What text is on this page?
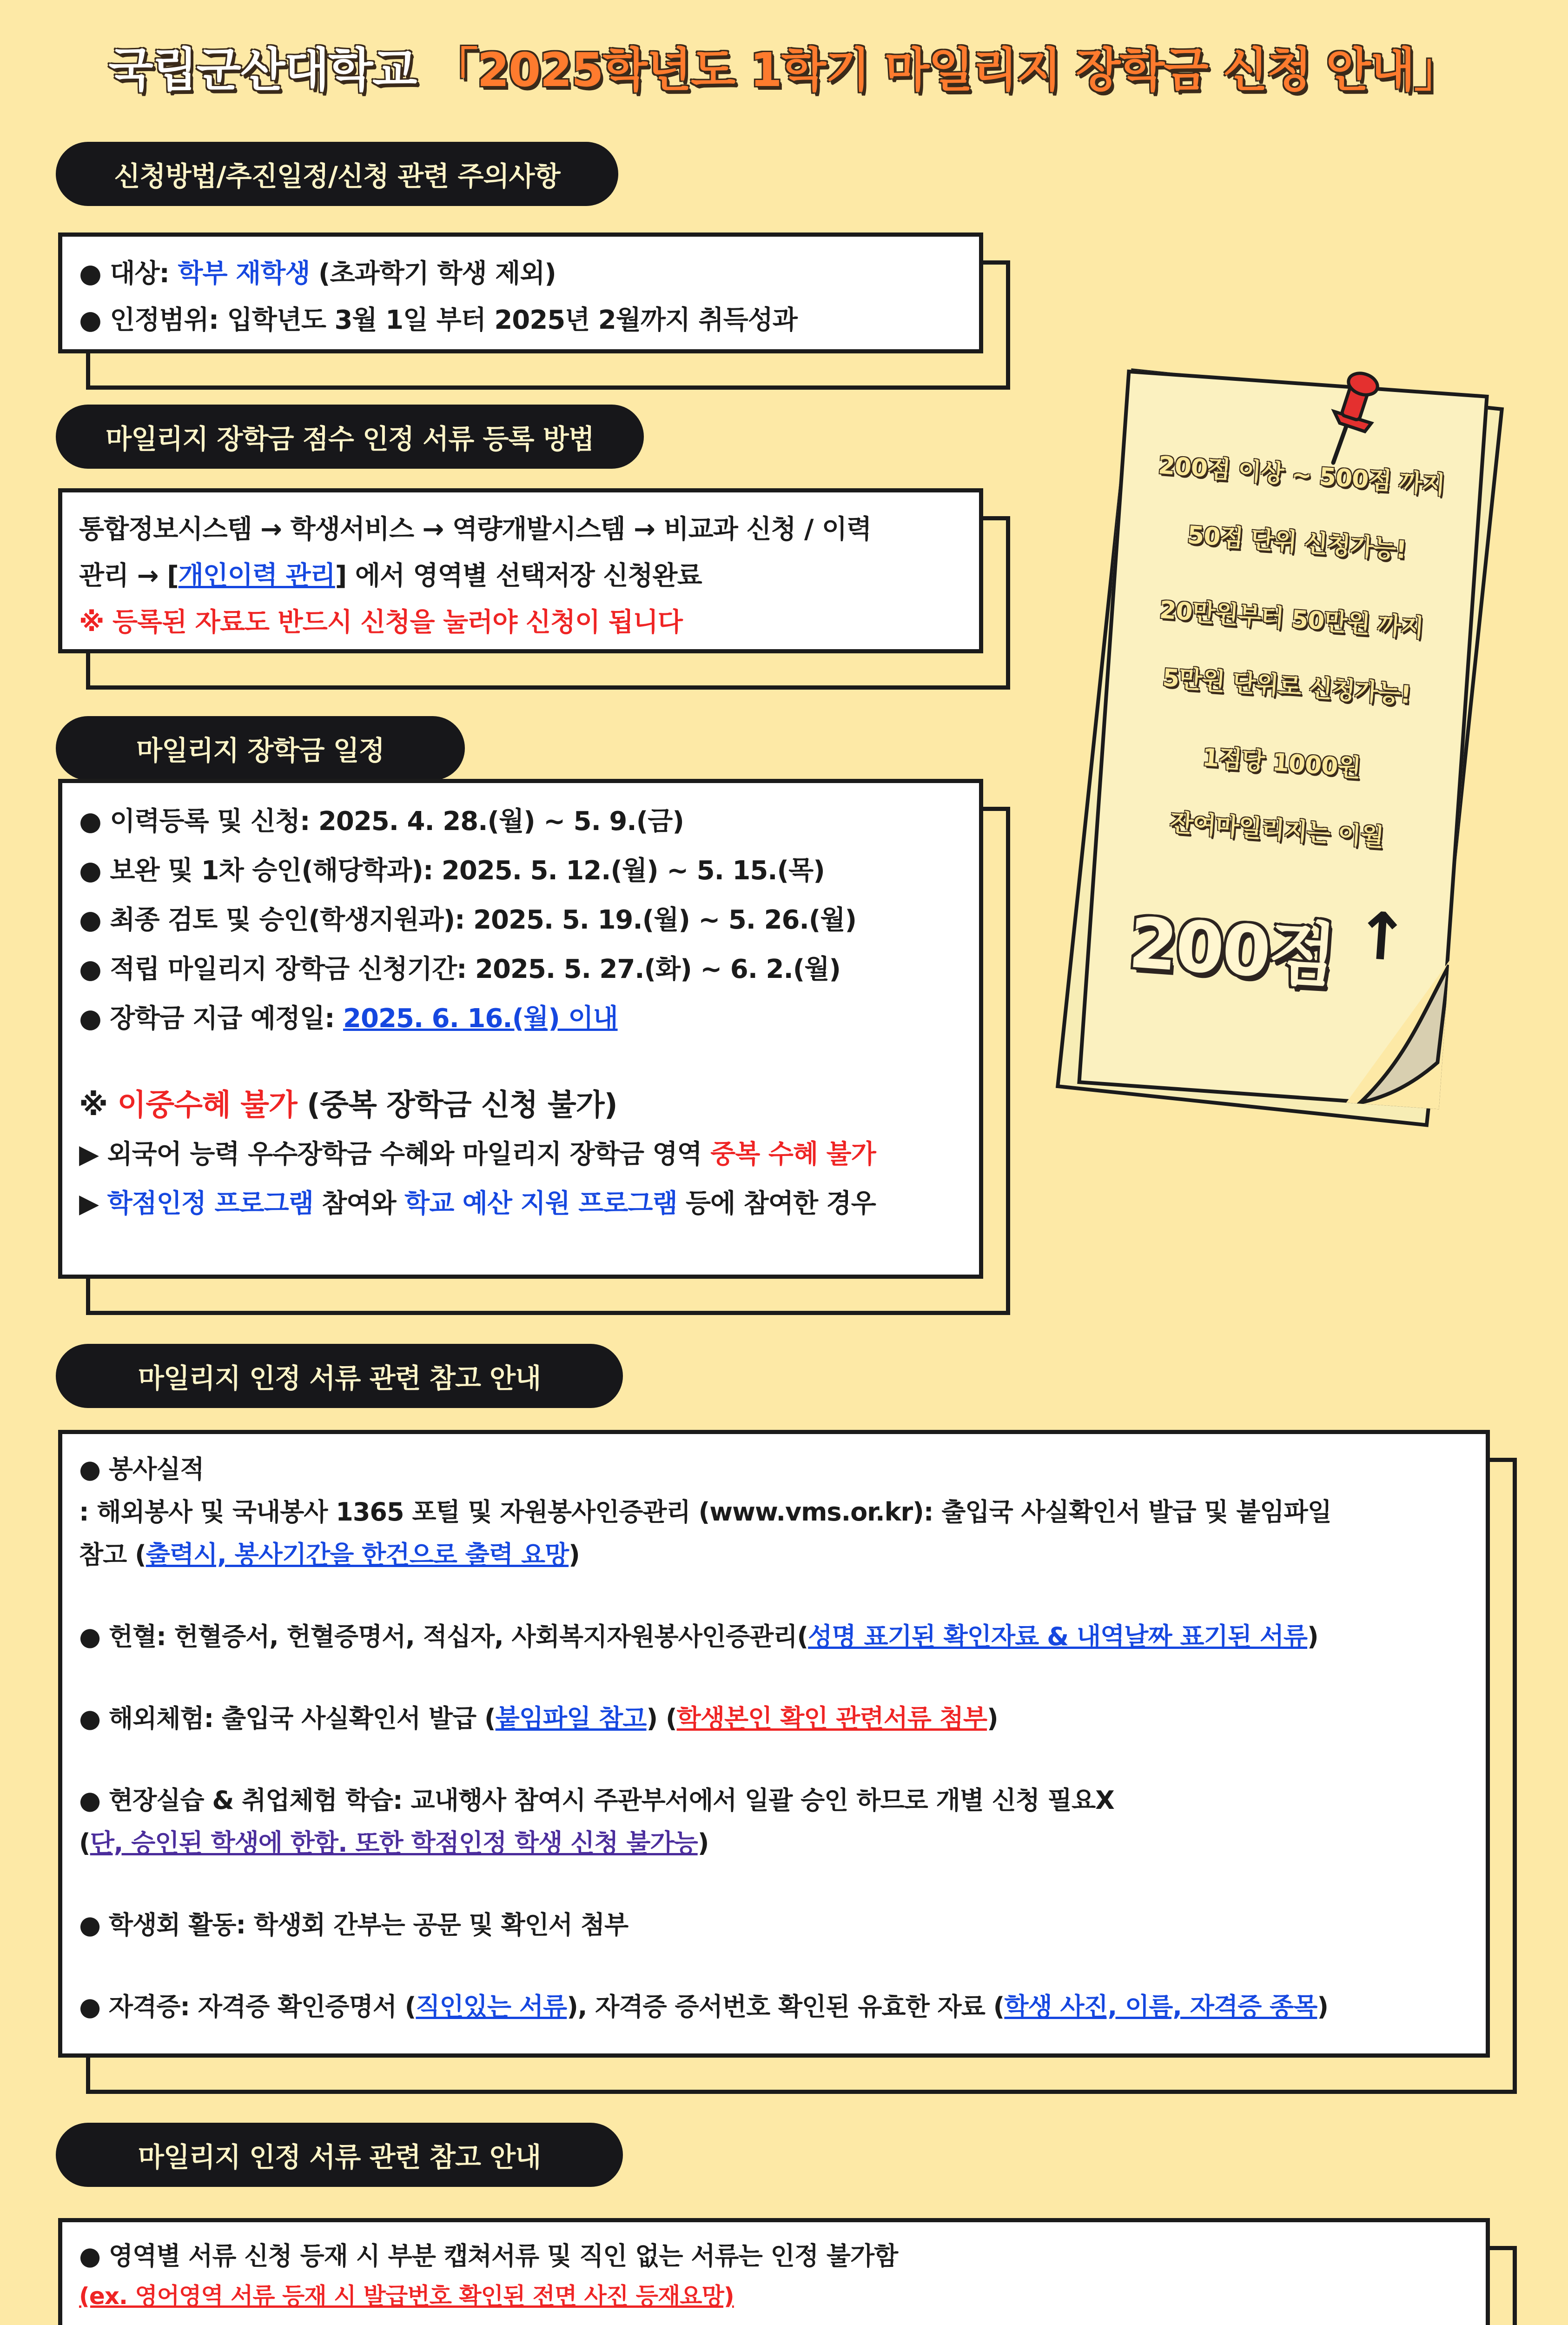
국립군산대학교 「2025학년도 1학기 마일리지 장학금 신청 안내」
신청방법/추진일정/신청 관련 주의사항
● 대상: 학부 재학생 (초과학기 학생 제외)
● 인정범위: 입학년도 3월 1일 부터 2025년 2월까지 취득성과
마일리지 장학금 점수 인정 서류 등록 방법
통합정보시스템 → 학생서비스 → 역량개발시스템 → 비교과 신청 / 이력
관리 → [개인이력 관리] 에서 영역별 선택저장 신청완료
※ 등록된 자료도 반드시 신청을 눌러야 신청이 됩니다
마일리지 장학금 일정
● 이력등록 및 신청: 2025. 4. 28.(월) ~ 5. 9.(금)
● 보완 및 1차 승인(해당학과): 2025. 5. 12.(월) ~ 5. 15.(목)
● 최종 검토 및 승인(학생지원과): 2025. 5. 19.(월) ~ 5. 26.(월)
● 적립 마일리지 장학금 신청기간: 2025. 5. 27.(화) ~ 6. 2.(월)
● 장학금 지급 예정일: 2025. 6. 16.(월) 이내
※ 이중수혜 불가 (중복 장학금 신청 불가)
▶ 외국어 능력 우수장학금 수혜와 마일리지 장학금 영역 중복 수혜 불가
▶ 학점인정 프로그램 참여와 학교 예산 지원 프로그램 등에 참여한 경우
마일리지 인정 서류 관련 참고 안내
● 봉사실적
: 해외봉사 및 국내봉사 1365 포털 및 자원봉사인증관리 (www.vms.or.kr): 출입국 사실확인서 발급 및 붙임파일
참고 (출력시, 봉사기간을 한건으로 출력 요망)
● 헌혈: 헌혈증서, 헌혈증명서, 적십자, 사회복지자원봉사인증관리(성명 표기된 확인자료 & 내역날짜 표기된 서류)
● 해외체험: 출입국 사실확인서 발급 (붙임파일 참고) (학생본인 확인 관련서류 첨부)
● 현장실습 & 취업체험 학습: 교내행사 참여시 주관부서에서 일괄 승인 하므로 개별 신청 필요X
(단, 승인된 학생에 한함. 또한 학점인정 학생 신청 불가능)
● 학생회 활동: 학생회 간부는 공문 및 확인서 첨부
● 자격증: 자격증 확인증명서 (직인있는 서류), 자격증 증서번호 확인된 유효한 자료 (학생 사진, 이름, 자격증 종목)
마일리지 인정 서류 관련 참고 안내
● 영역별 서류 신청 등재 시 부분 캡쳐서류 및 직인 없는 서류는 인정 불가함
(ex. 영어영역 서류 등재 시 발급번호 확인된 전면 사진 등재요망)
200점 이상 ~ 500점 까지
50점 단위 신청가능!
20만원부터 50만원 까지
5만원 단위로 신청가능!
1점당 1000원
잔여마일리지는 이월
200점 ↑
